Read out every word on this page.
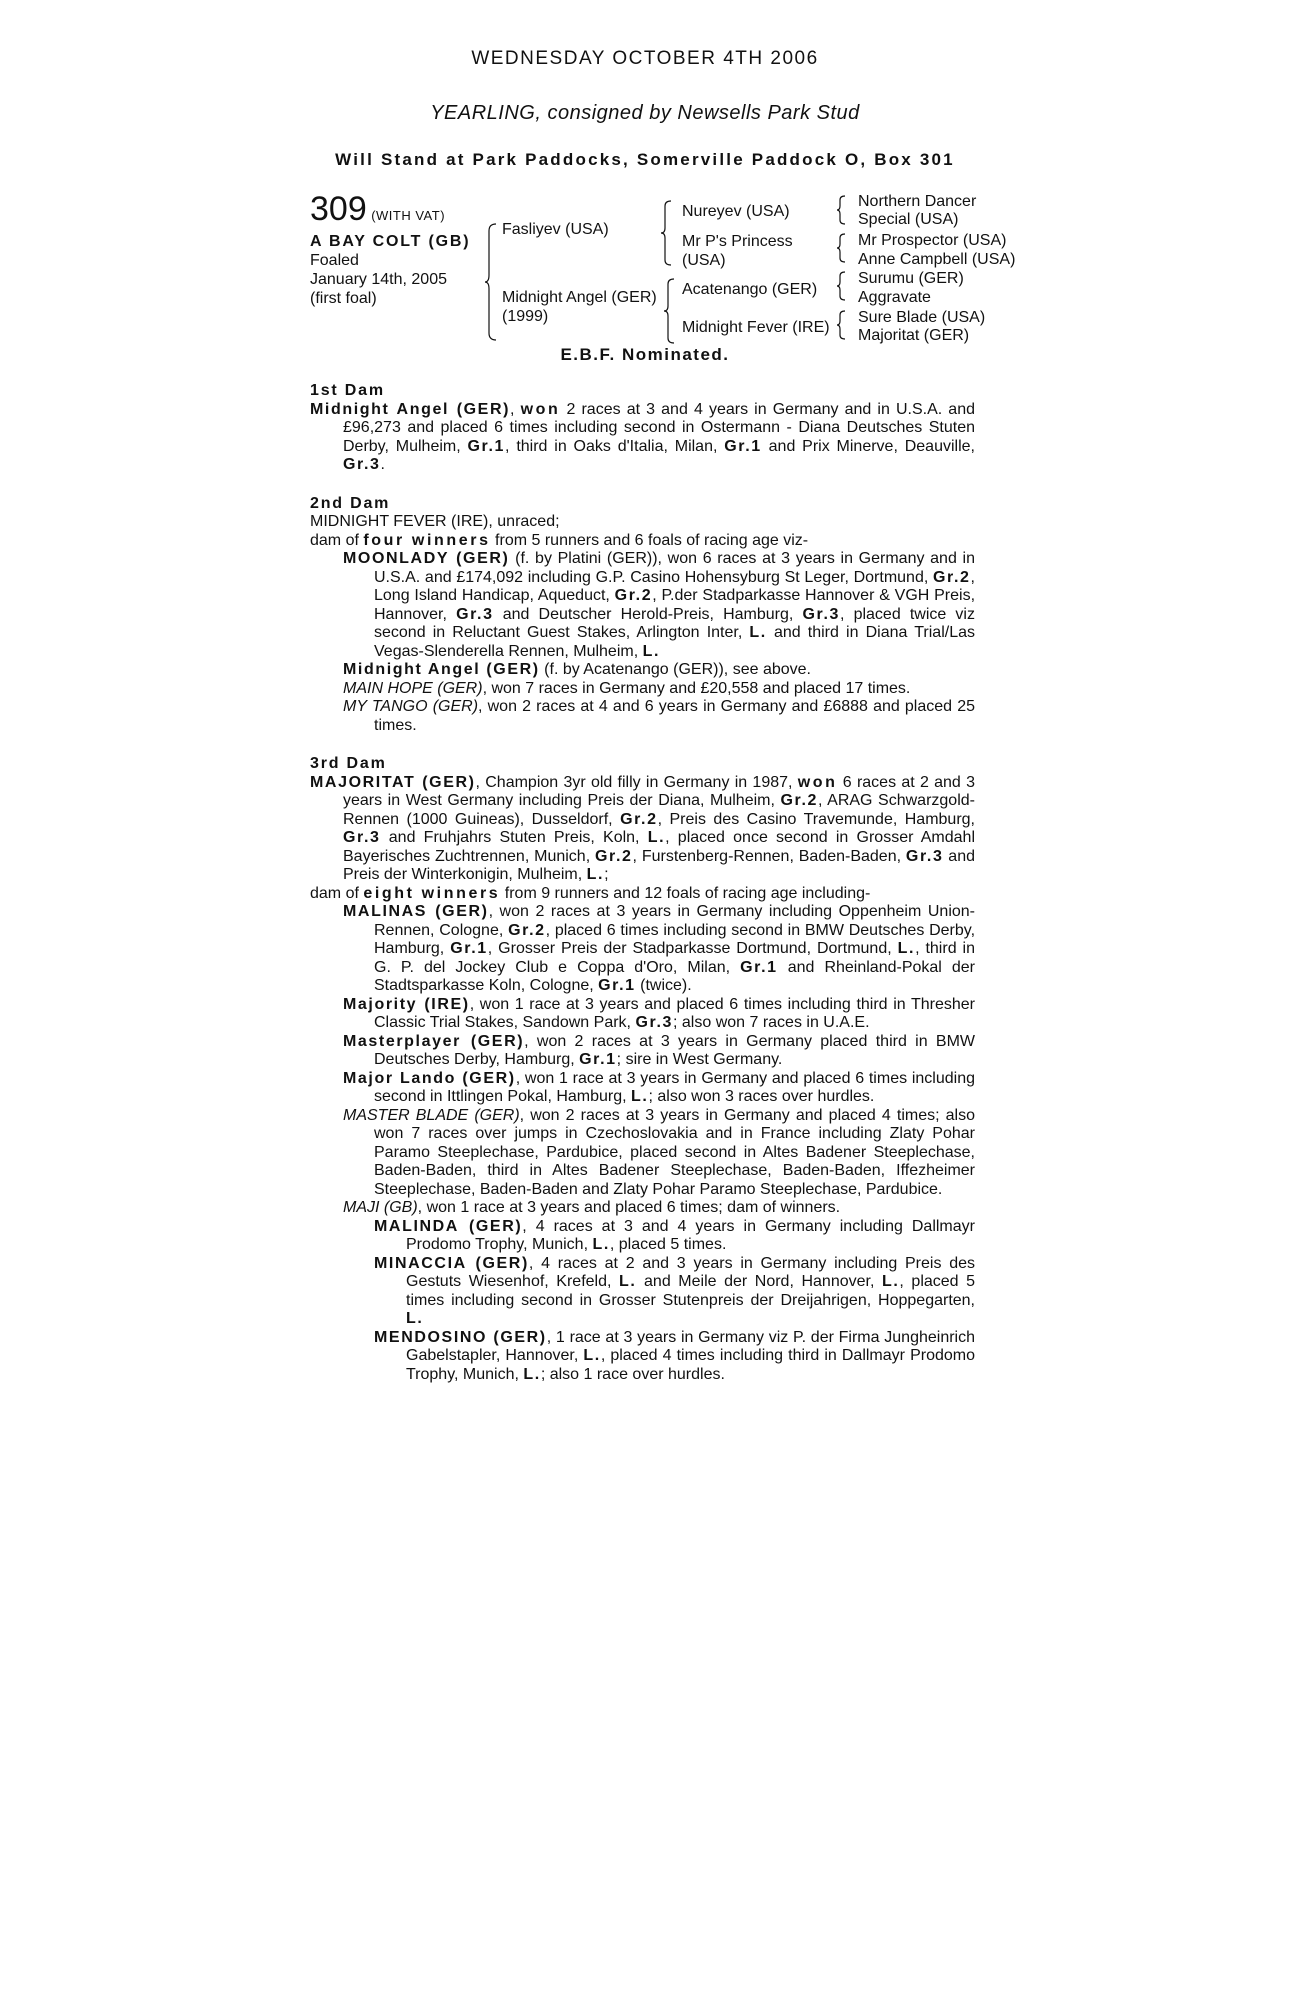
WEDNESDAY OCTOBER 4TH 2006
YEARLING, consigned by Newsells Park Stud
Will Stand at Park Paddocks, Somerville Paddock O, Box 301
309 (WITH VAT)
A BAY COLT (GB)
Foaled
January 14th, 2005
(first foal)
Fasliyev (USA)
Midnight Angel (GER)
(1999)
Nureyev (USA)
Mr P's Princess
(USA)
Acatenango (GER)
Midnight Fever (IRE)
Northern Dancer
Special (USA)
Mr Prospector (USA)
Anne Campbell (USA)
Surumu (GER)
Aggravate
Sure Blade (USA)
Majoritat (GER)
E.B.F. Nominated.
1st Dam
Midnight Angel (GER), won 2 races at 3 and 4 years in Germany and in U.S.A. and £96,273 and placed 6 times including second in Ostermann - Diana Deutsches Stuten Derby, Mulheim, Gr.1, third in Oaks d'Italia, Milan, Gr.1 and Prix Minerve, Deauville, Gr.3.
2nd Dam
MIDNIGHT FEVER (IRE), unraced;
dam of four winners from 5 runners and 6 foals of racing age viz-
MOONLADY (GER) (f. by Platini (GER)), won 6 races at 3 years in Germany and in U.S.A. and £174,092 including G.P. Casino Hohensyburg St Leger, Dortmund, Gr.2, Long Island Handicap, Aqueduct, Gr.2, P.der Stadparkasse Hannover & VGH Preis, Hannover, Gr.3 and Deutscher Herold-Preis, Hamburg, Gr.3, placed twice viz second in Reluctant Guest Stakes, Arlington Inter, L. and third in Diana Trial/Las Vegas-Slenderella Rennen, Mulheim, L.
Midnight Angel (GER) (f. by Acatenango (GER)), see above.
MAIN HOPE (GER), won 7 races in Germany and £20,558 and placed 17 times.
MY TANGO (GER), won 2 races at 4 and 6 years in Germany and £6888 and placed 25 times.
3rd Dam
MAJORITAT (GER), Champion 3yr old filly in Germany in 1987, won 6 races at 2 and 3 years in West Germany including Preis der Diana, Mulheim, Gr.2, ARAG Schwarzgold-Rennen (1000 Guineas), Dusseldorf, Gr.2, Preis des Casino Travemunde, Hamburg, Gr.3 and Fruhjahrs Stuten Preis, Koln, L., placed once second in Grosser Amdahl Bayerisches Zuchtrennen, Munich, Gr.2, Furstenberg-Rennen, Baden-Baden, Gr.3 and Preis der Winterkonigin, Mulheim, L.;
dam of eight winners from 9 runners and 12 foals of racing age including-
MALINAS (GER), won 2 races at 3 years in Germany including Oppenheim Union-Rennen, Cologne, Gr.2, placed 6 times including second in BMW Deutsches Derby, Hamburg, Gr.1, Grosser Preis der Stadparkasse Dortmund, Dortmund, L., third in G. P. del Jockey Club e Coppa d'Oro, Milan, Gr.1 and Rheinland-Pokal der Stadtsparkasse Koln, Cologne, Gr.1 (twice).
Majority (IRE), won 1 race at 3 years and placed 6 times including third in Thresher Classic Trial Stakes, Sandown Park, Gr.3; also won 7 races in U.A.E.
Masterplayer (GER), won 2 races at 3 years in Germany placed third in BMW Deutsches Derby, Hamburg, Gr.1; sire in West Germany.
Major Lando (GER), won 1 race at 3 years in Germany and placed 6 times including second in Ittlingen Pokal, Hamburg, L.; also won 3 races over hurdles.
MASTER BLADE (GER), won 2 races at 3 years in Germany and placed 4 times; also won 7 races over jumps in Czechoslovakia and in France including Zlaty Pohar Paramo Steeplechase, Pardubice, placed second in Altes Badener Steeplechase, Baden-Baden, third in Altes Badener Steeplechase, Baden-Baden, Iffezheimer Steeplechase, Baden-Baden and Zlaty Pohar Paramo Steeplechase, Pardubice.
MAJI (GB), won 1 race at 3 years and placed 6 times; dam of winners.
MALINDA (GER), 4 races at 3 and 4 years in Germany including Dallmayr Prodomo Trophy, Munich, L., placed 5 times.
MINACCIA (GER), 4 races at 2 and 3 years in Germany including Preis des Gestuts Wiesenhof, Krefeld, L. and Meile der Nord, Hannover, L., placed 5 times including second in Grosser Stutenpreis der Dreijahrigen, Hoppegarten, L.
MENDOSINO (GER), 1 race at 3 years in Germany viz P. der Firma Jungheinrich Gabelstapler, Hannover, L., placed 4 times including third in Dallmayr Prodomo Trophy, Munich, L.; also 1 race over hurdles.
